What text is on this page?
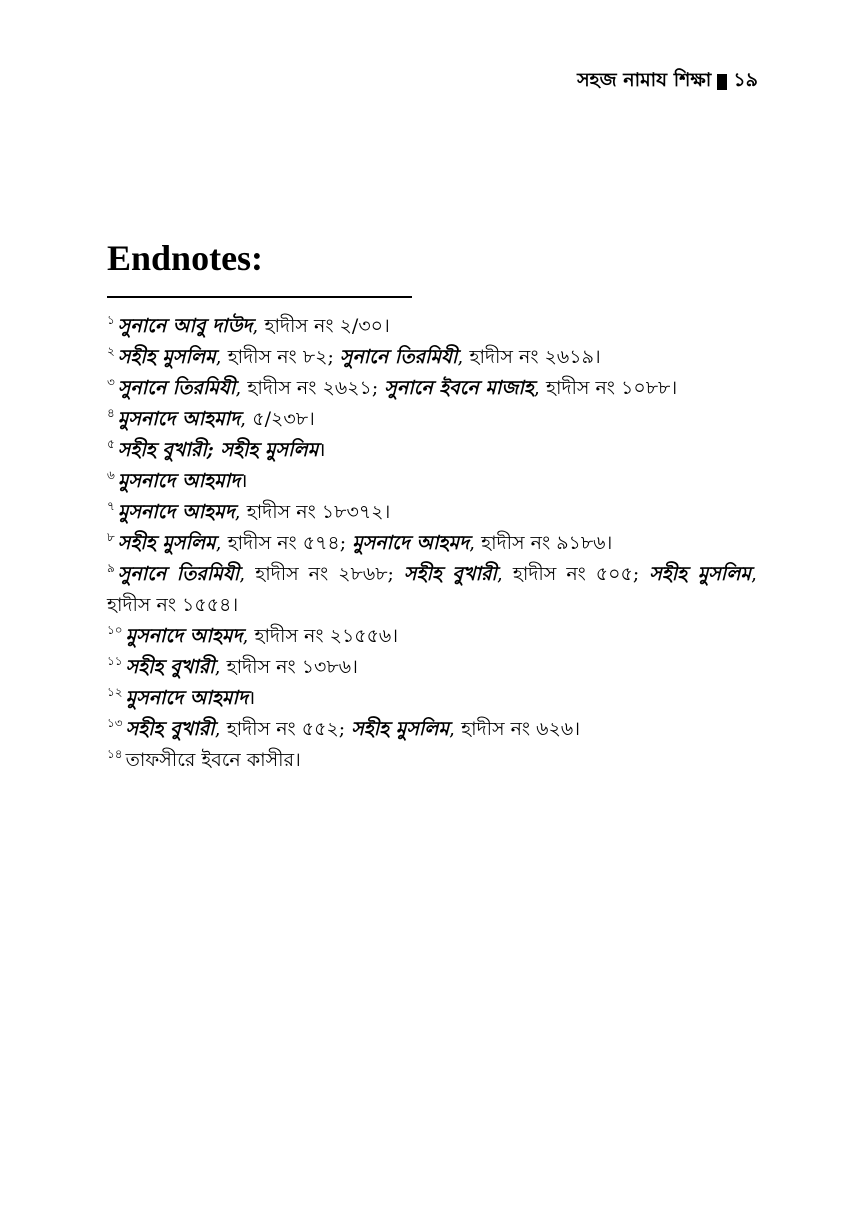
সহজ নামায শিক্ষা ১৯
Endnotes:
$^১$ সুনানে আবু দাউদ, হাদীস নং ২/৩০।
$^২$ সহীহ মুসলিম, হাদীস নং ৮২; সুনানে তিরমিযী, হাদীস নং ২৬১৯।
$^৩$ সুনানে তিরমিযী, হাদীস নং ২৬২১; সুনানে ইবনে মাজাহ, হাদীস নং ১০৮৮।
$^৪$ মুসনাদে আহমাদ, ৫/২৩৮।
$^৫$ সহীহ বুখারী; সহীহ মুসলিম।
$^৬$ মুসনাদে আহমাদ।
$^৭$ মুসনাদে আহমদ, হাদীস নং ১৮৩৭২।
$^৮$ সহীহ মুসলিম, হাদীস নং ৫৭৪; মুসনাদে আহমদ, হাদীস নং ৯১৮৬।
$^৯$ সুনানে তিরমিযী, হাদীস নং ২৮৬৮; সহীহ বুখারী, হাদীস নং ৫০৫; সহীহ মুসলিম, হাদীস নং ১৫৫৪।
$^{১০}$ মুসনাদে আহমদ, হাদীস নং ২১৫৫৬।
$^{১১}$ সহীহ বুখারী, হাদীস নং ১৩৮৬।
$^{১২}$ মুসনাদে আহমাদ।
$^{১৩}$ সহীহ বুখারী, হাদীস নং ৫৫২; সহীহ মুসলিম, হাদীস নং ৬২৬।
$^{১৪}$ তাফসীরে ইবনে কাসীর।
